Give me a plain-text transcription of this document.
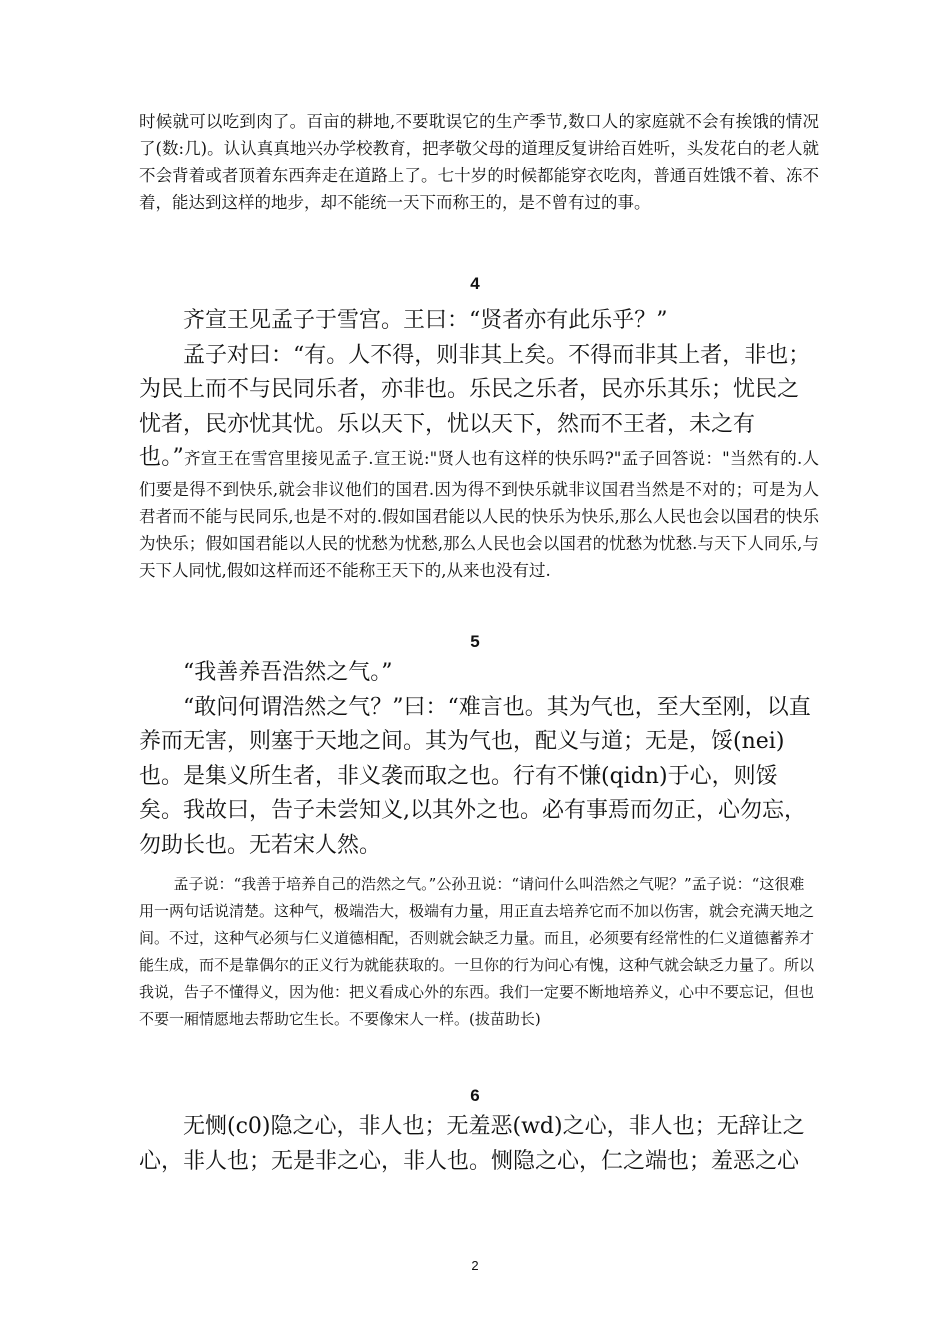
时候就可以吃到肉了。百亩的耕地,不要耽误它的生产季节,数口人的家庭就不会有挨饿的情况了(数:几)。认认真真地兴办学校教育，把孝敬父母的道理反复讲给百姓听，头发花白的老人就不会背着或者顶着东西奔走在道路上了。七十岁的时候都能穿衣吃肉，普通百姓饿不着、冻不着，能达到这样的地步，却不能统一天下而称王的，是不曾有过的事。

4

齐宣王见孟子于雪宫。王曰：“贤者亦有此乐乎？”

孟子对曰：“有。人不得，则非其上矣。不得而非其上者，非也；为民上而不与民同乐者，亦非也。乐民之乐者，民亦乐其乐；忧民之忧者，民亦忧其忧。乐以天下，忧以天下，然而不王者，未之有

也。”齐宣王在雪宫里接见孟子.宣王说:"贤人也有这样的快乐吗?"孟子回答说："当然有的.人们要是得不到快乐,就会非议他们的国君.因为得不到快乐就非议国君当然是不对的；可是为人君者而不能与民同乐,也是不对的.假如国君能以人民的快乐为快乐,那么人民也会以国君的快乐为快乐；假如国君能以人民的忧愁为忧愁,那么人民也会以国君的忧愁为忧愁.与天下人同乐,与天下人同忧,假如这样而还不能称王天下的,从来也没有过.

5

“我善养吾浩然之气。”

“敢问何谓浩然之气？”曰：“难言也。其为气也，至大至刚，以直养而无害，则塞于天地之间。其为气也，配义与道；无是，馁(nei)也。是集义所生者，非义袭而取之也。行有不慊(qidn)于心，则馁矣。我故曰，告子未尝知义,以其外之也。必有事焉而勿正，心勿忘，勿助长也。无若宋人然。

孟子说：“我善于培养自己的浩然之气。”公孙丑说：“请问什么叫浩然之气呢？”孟子说：“这很难用一两句话说清楚。这种气，极端浩大，极端有力量，用正直去培养它而不加以伤害，就会充满天地之间。不过，这种气必须与仁义道德相配，否则就会缺乏力量。而且，必须要有经常性的仁义道德蓄养才能生成，而不是靠偶尔的正义行为就能获取的。一旦你的行为问心有愧，这种气就会缺乏力量了。所以我说，告子不懂得义，因为他：把义看成心外的东西。我们一定要不断地培养义，心中不要忘记，但也不要一厢情愿地去帮助它生长。不要像宋人一样。(拔苗助长)

6

无恻(c0)隐之心，非人也；无羞恶(wd)之心，非人也；无辞让之心，非人也；无是非之心，非人也。恻隐之心，仁之端也；羞恶之心

2
